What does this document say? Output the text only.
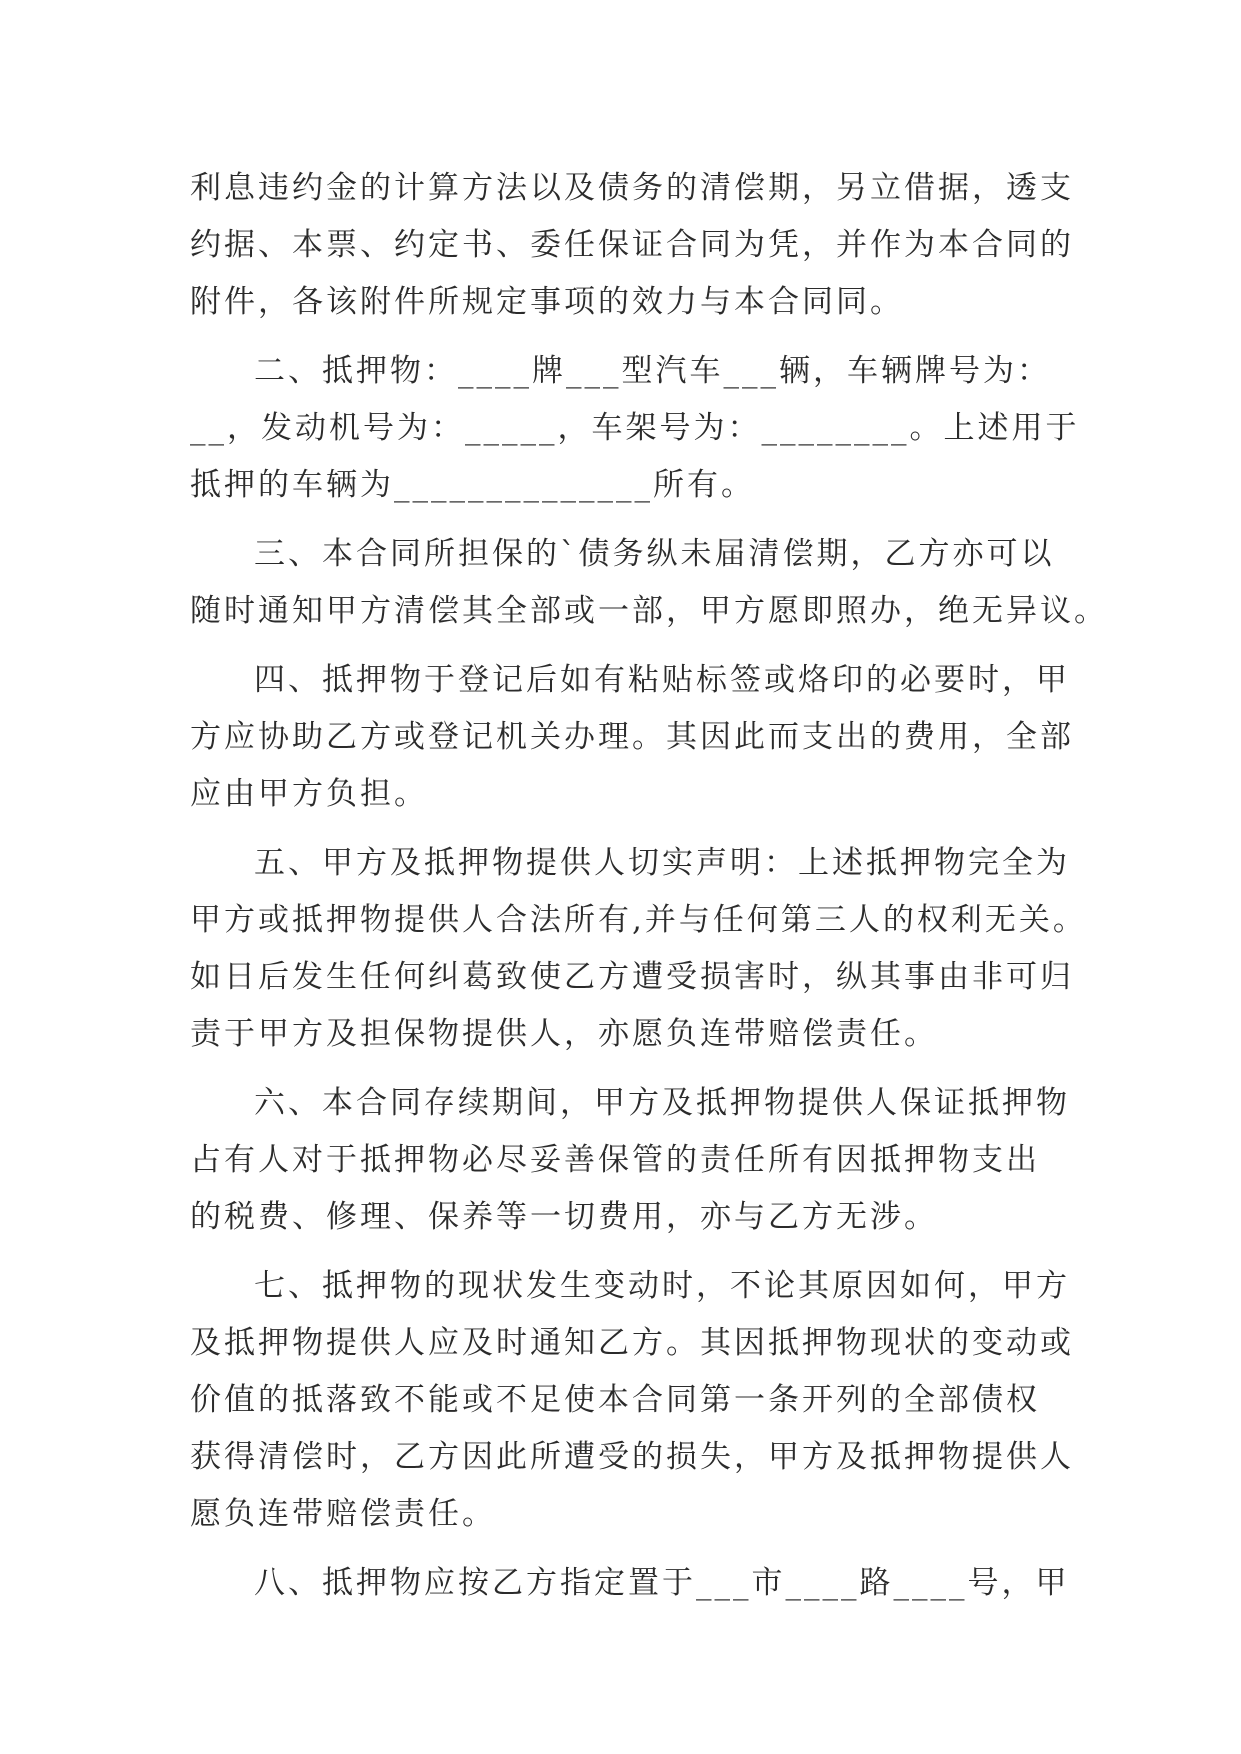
利息违约金的计算方法以及债务的清偿期，另立借据，透支
约据、本票、约定书、委任保证合同为凭，并作为本合同的
附件，各该附件所规定事项的效力与本合同同。
二、抵押物：____牌___型汽车___辆，车辆牌号为：
__，发动机号为：_____，车架号为：________。上述用于
抵押的车辆为______________所有。
三、本合同所担保的`债务纵未届清偿期，乙方亦可以
随时通知甲方清偿其全部或一部，甲方愿即照办，绝无异议。
四、抵押物于登记后如有粘贴标签或烙印的必要时，甲
方应协助乙方或登记机关办理。其因此而支出的费用，全部
应由甲方负担。
五、甲方及抵押物提供人切实声明：上述抵押物完全为
甲方或抵押物提供人合法所有,并与任何第三人的权利无关。
如日后发生任何纠葛致使乙方遭受损害时，纵其事由非可归
责于甲方及担保物提供人，亦愿负连带赔偿责任。
六、本合同存续期间，甲方及抵押物提供人保证抵押物
占有人对于抵押物必尽妥善保管的责任所有因抵押物支出
的税费、修理、保养等一切费用，亦与乙方无涉。
七、抵押物的现状发生变动时，不论其原因如何，甲方
及抵押物提供人应及时通知乙方。其因抵押物现状的变动或
价值的抵落致不能或不足使本合同第一条开列的全部债权
获得清偿时，乙方因此所遭受的损失，甲方及抵押物提供人
愿负连带赔偿责任。
八、抵押物应按乙方指定置于___市____路____号，甲
